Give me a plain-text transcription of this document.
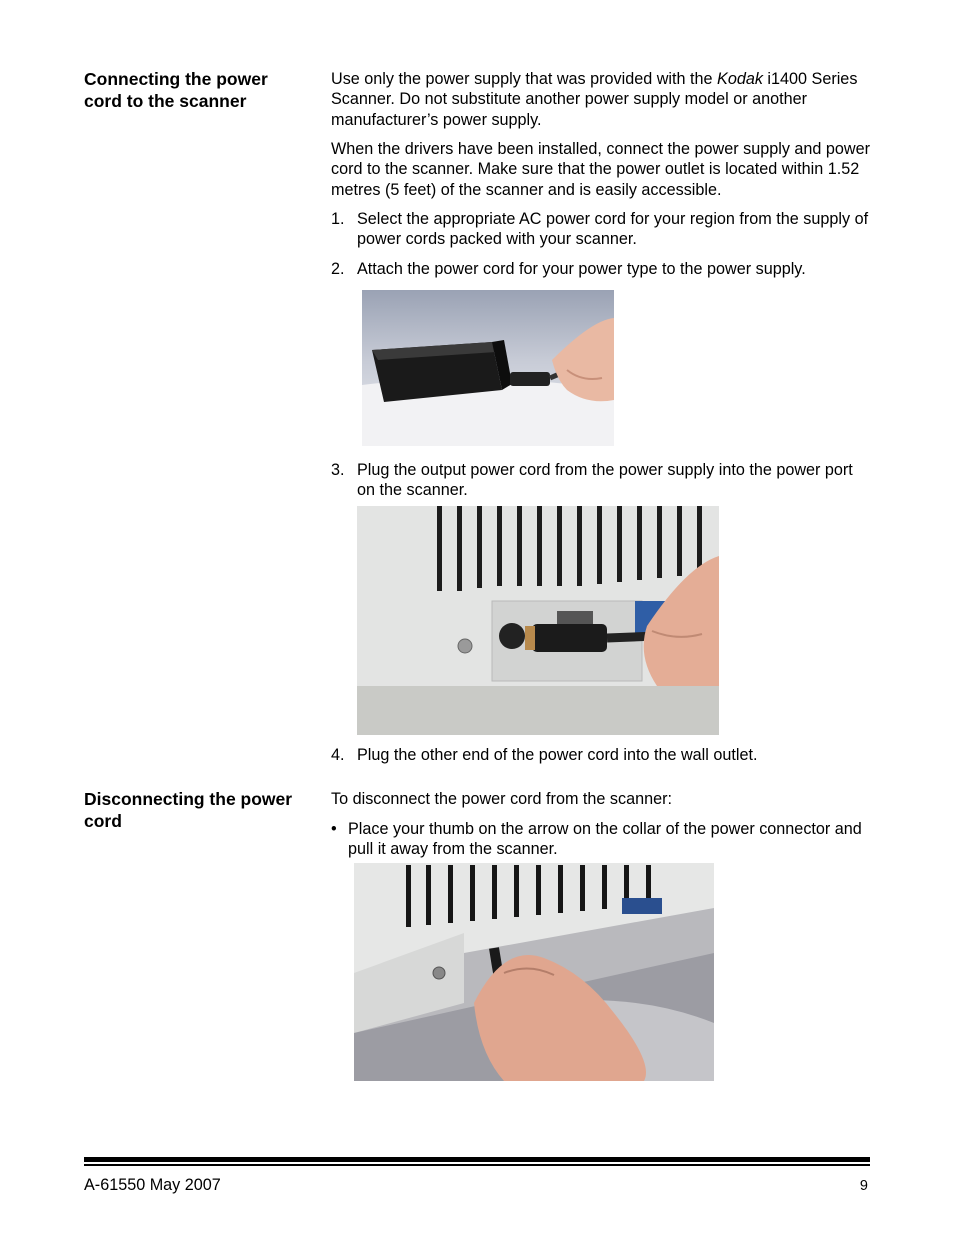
Connecting the power
cord to the scanner

Use only the power supply that was provided with the Kodak i1400 Series Scanner. Do not substitute another power supply model or another manufacturer’s power supply.

When the drivers have been installed, connect the power supply and power cord to the scanner. Make sure that the power outlet is located within 1.52 metres (5 feet) of the scanner and is easily accessible.

1. Select the appropriate AC power cord for your region from the supply of power cords packed with your scanner.
2. Attach the power cord for your power type to the power supply.
3. Plug the output power cord from the power supply into the power port on the scanner.
4. Plug the other end of the power cord into the wall outlet.
Disconnecting the power
cord

To disconnect the power cord from the scanner:

• Place your thumb on the arrow on the collar of the power connector and pull it away from the scanner.
A-61550 May 2007	9
